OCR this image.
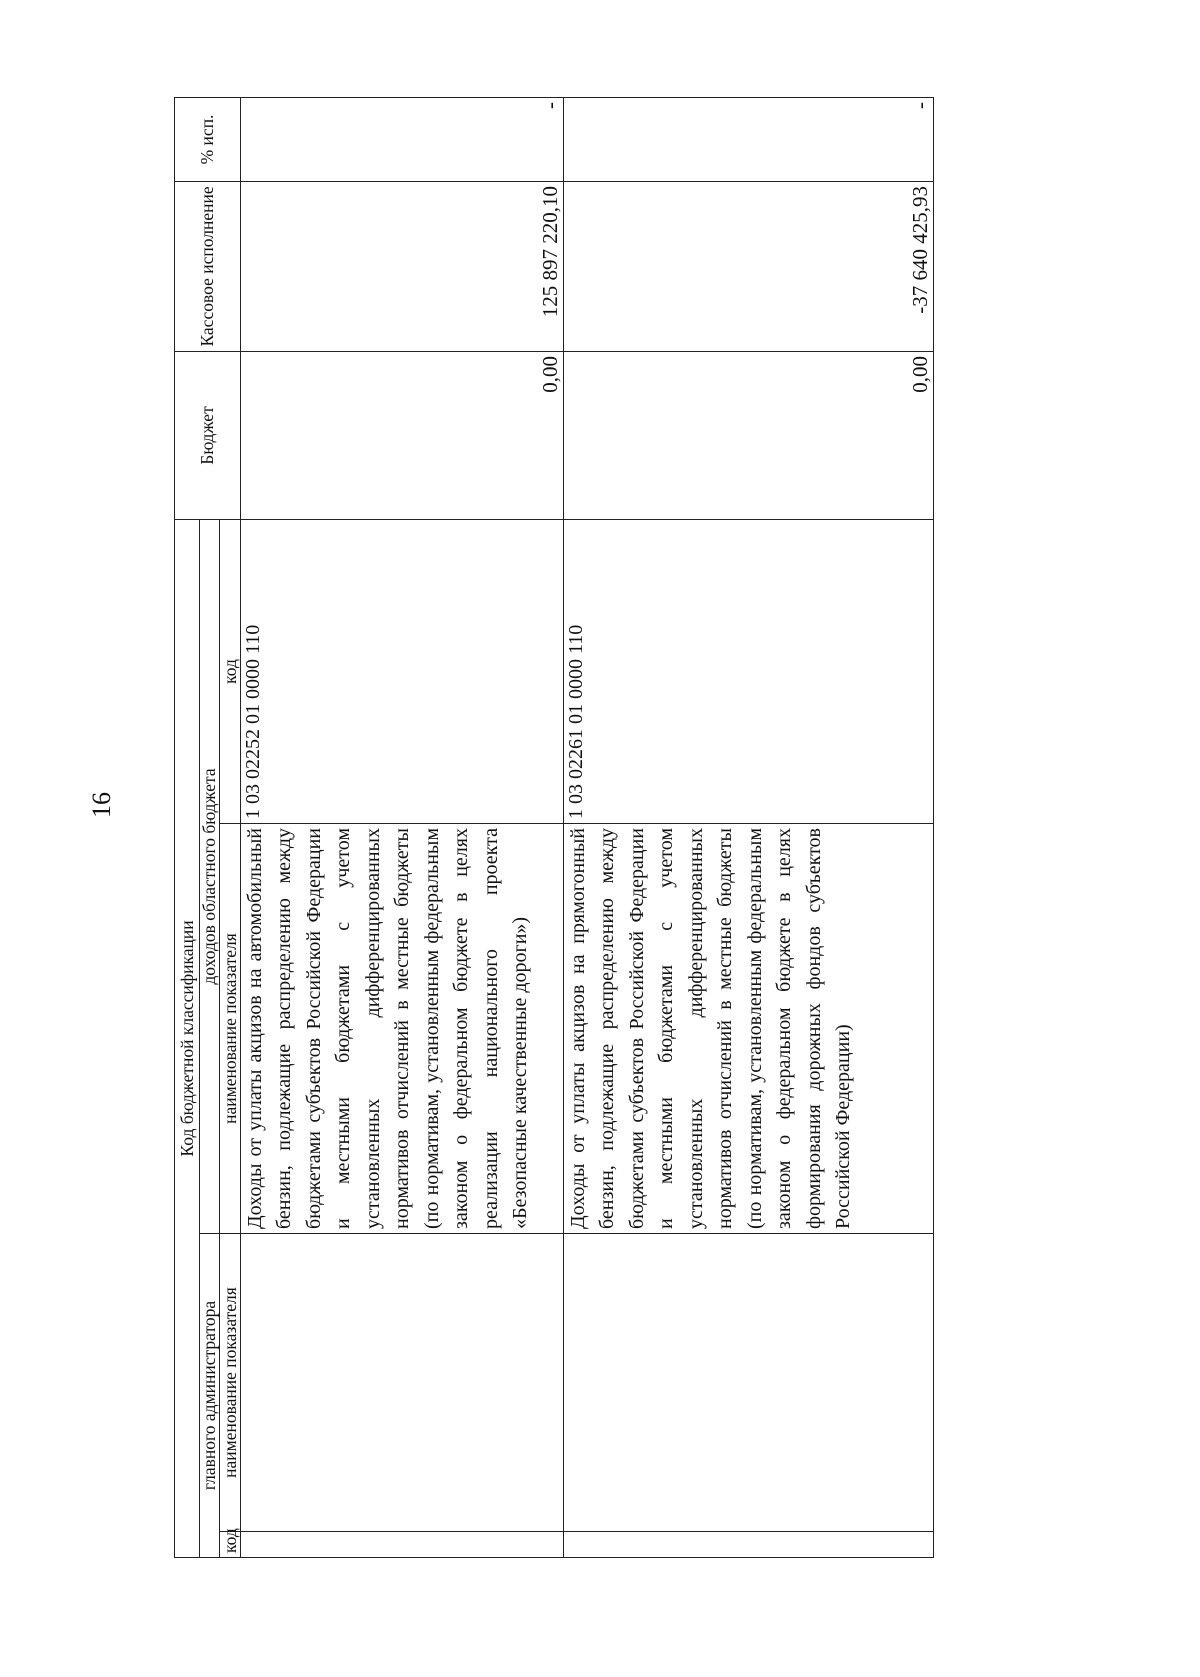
16
Код бюджетной классификации				Бюджет	Кассовое исполнение	% исп.
главного администратора		доходов областного бюджета				
код	наименование показателя	наименование показателя	код			
		Доходы от уплаты акцизов на автомобильный бензин, подлежащие распределению между бюджетами субъектов Российской Федерации и местными бюджетами с учетом установленных дифференцированных нормативов отчислений в местные бюджеты (по нормативам, установленным федеральным законом о федеральном бюджете в целях реализации национального проекта «Безопасные качественные дороги»)	1 03 02252 01 0000 110	0,00	125 897 220,10	-
		Доходы от уплаты акцизов на прямогонный бензин, подлежащие распределению между бюджетами субъектов Российской Федерации и местными бюджетами с учетом установленных дифференцированных нормативов отчислений в местные бюджеты (по нормативам, установленным федеральным законом о федеральном бюджете в целях формирования дорожных фондов субъектов Российской Федерации)	1 03 02261 01 0000 110	0,00	-37 640 425,93	-
